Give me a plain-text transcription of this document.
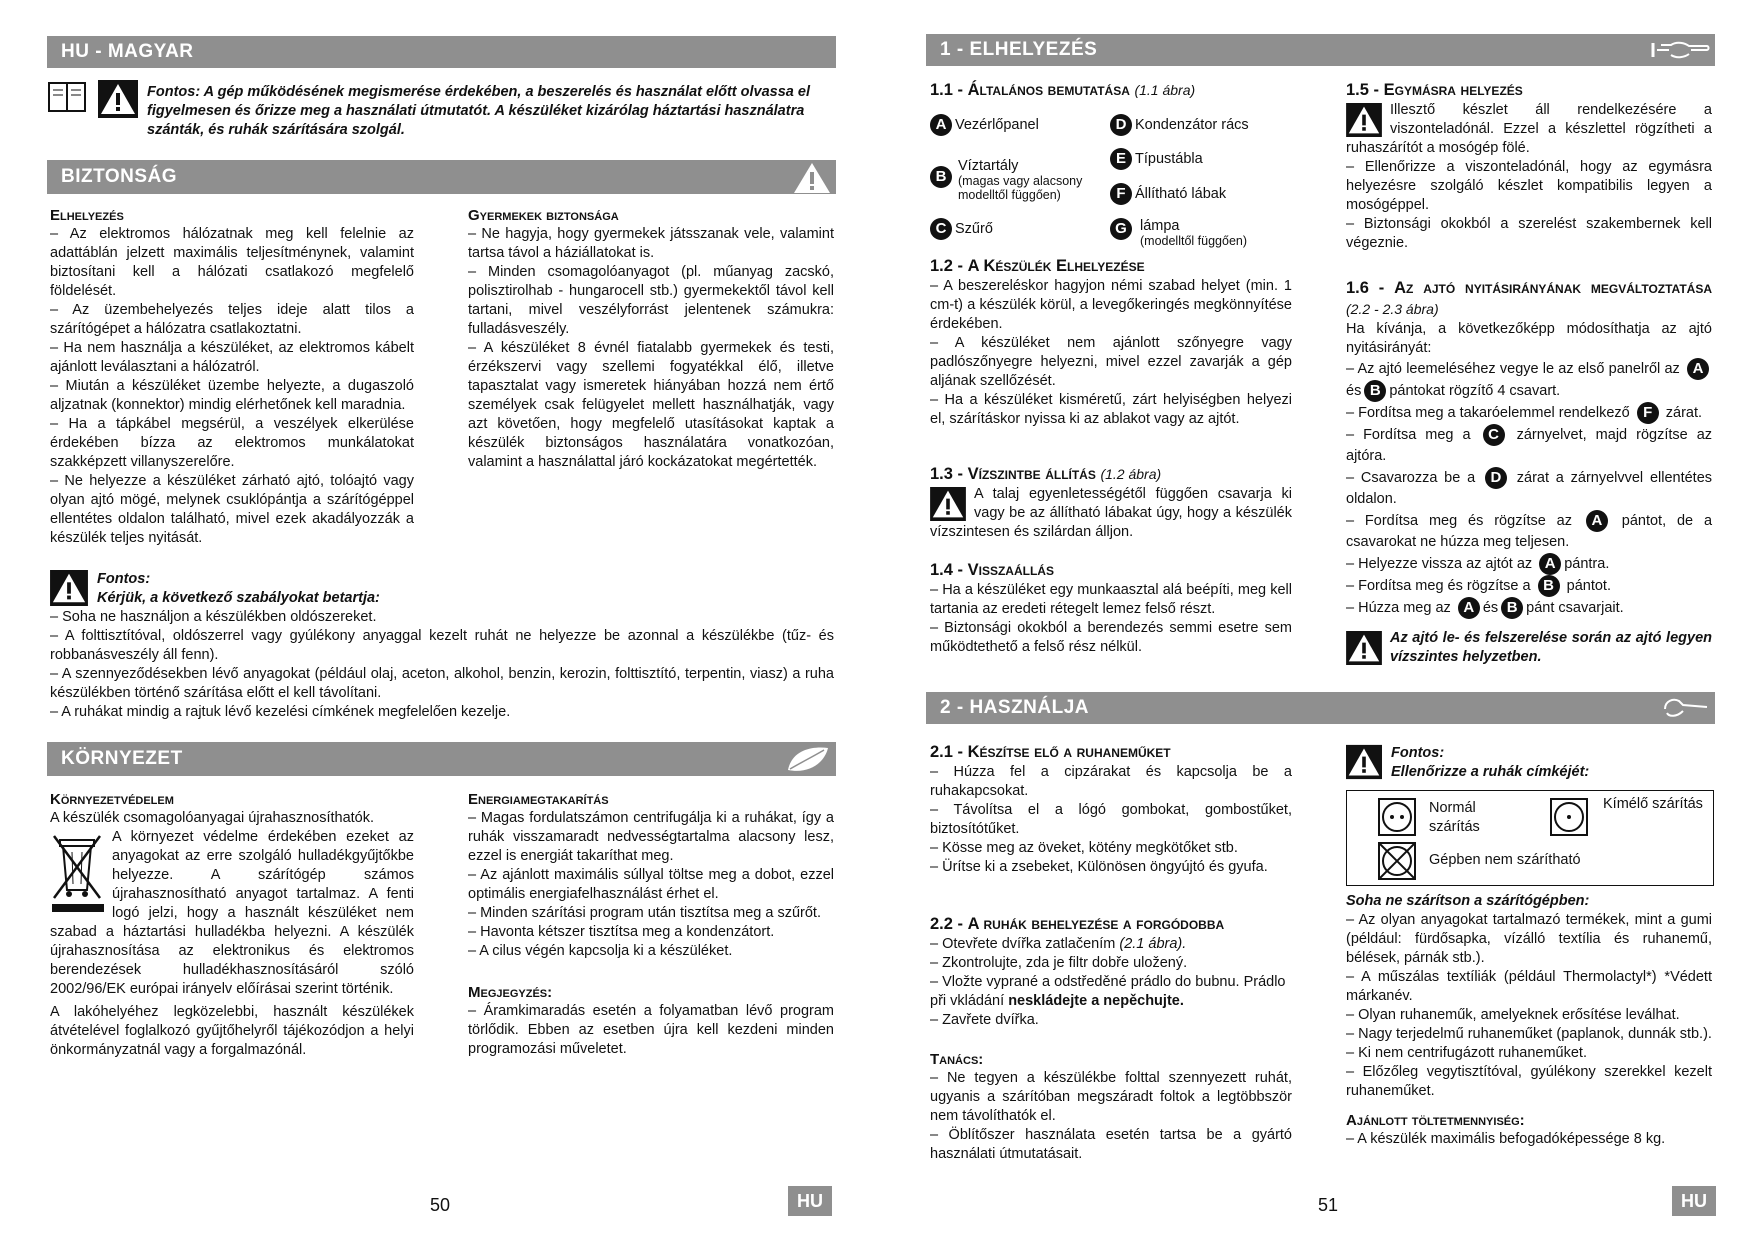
HU - MAGYAR
Fontos: A gép működésének megismerése érdekében, a beszerelés és használat előtt olvassa el figyelmesen és őrizze meg a használati útmutatót. A készüléket kizárólag háztartási használatra szánták, és ruhák szárítására szolgál.
BIZTONSÁG
Elhelyezés

– Az elektromos hálózatnak meg kell felelnie az adattáblán jelzett maximális teljesítménynek, valamint biztosítani kell a hálózati csatlakozó megfelelő földelését.

– Az üzembehelyezés teljes ideje alatt tilos a szárítógépet a hálózatra csatlakoztatni.

– Ha nem használja a készüléket, az elektromos kábelt ajánlott leválasztani a hálózatról.

– Miután a készüléket üzembe helyezte, a dugaszoló aljzatnak (konnektor) mindig elérhetőnek kell maradnia.

– Ha a tápkábel megsérül, a veszélyek elkerülése érdekében bízza az elektromos munkálatokat szakképzett villanyszerelőre.

– Ne helyezze a készüléket zárható ajtó, tolóajtó vagy olyan ajtó mögé, melynek csuklópántja a szárítógéppel ellentétes oldalon található, mivel ezek akadályozzák a készülék teljes nyitását.

Gyermekek biztonsága

– Ne hagyja, hogy gyermekek játsszanak vele, valamint tartsa távol a háziállatokat is.

– Minden csomagolóanyagot (pl. műanyag zacskó, polisztirolhab - hungarocell stb.) gyermekektől távol kell tartani, mivel veszélyforrást jelentenek számukra: fulladásveszély.

– A készüléket 8 évnél fiatalabb gyermekek és testi, érzékszervi vagy szellemi fogyatékkal élő, illetve tapasztalat vagy ismeretek hiányában hozzá nem értő személyek csak felügyelet mellett használhatják, vagy azt követően, hogy megfelelő utasításokat kaptak a készülék biztonságos használatára vonatkozóan, valamint a használattal járó kockázatokat megértették.

Fontos:
Kérjük, a következő szabályokat betartja:

– Soha ne használjon a készülékben oldószereket.

– A folttisztítóval, oldószerrel vagy gyúlékony anyaggal kezelt ruhát ne helyezze be azonnal a készülékbe (tűz- és robbanásveszély áll fenn).

– A szennyeződésekben lévő anyagokat (például olaj, aceton, alkohol, benzin, kerozin, folttisztító, terpentin, viasz) a ruha készülékben történő szárítása előtt el kell távolítani.

– A ruhákat mindig a rajtuk lévő kezelési címkének megfelelően kezelje.

KÖRNYEZET
Környezetvédelem

A készülék csomagolóanyagai újrahasznosíthatók.

A környezet védelme érdekében ezeket az anyagokat az erre szolgáló hulladékgyűjtőkbe helyezze. A szárítógép számos újrahasznosítható anyagot tartalmaz. A fenti logó jelzi, hogy a használt készüléket nem szabad a háztartási hulladékba helyezni. A készülék újrahasznosítása az elektronikus és elektromos berendezések hulladékhasznosításáról szóló 2002/96/EK európai irányelv előírásai szerint történik.

A lakóhelyéhez legközelebbi, használt készülékek átvételével foglalkozó gyűjtőhelyről tájékozódjon a helyi önkormányzatnál vagy a forgalmazónál.

Energiamegtakarítás

– Magas fordulatszámon centrifugálja ki a ruhákat, így a ruhák visszamaradt nedvességtartalma alacsony lesz, ezzel is energiát takaríthat meg.

– Az ajánlott maximális súllyal töltse meg a dobot, ezzel optimális energiafelhasználást érhet el.

– Minden szárítási program után tisztítsa meg a szűrőt.

– Havonta kétszer tisztítsa meg a kondenzátort.

– A cilus végén kapcsolja ki a készüléket.

Megjegyzés:

– Áramkimaradás esetén a folyamatban lévő program törlődik. Ebben az esetben újra kell kezdeni minden programozási műveletet.

50	HU
1 - ELHELYEZÉS
1.1 - Általános bemutatása (1.1 ábra)
A Vezérlőpanel
B
Víztartály
(magas vagy alacsony modelltől függően)
C Szűrő
D Kondenzátor rács
E Típustábla
F Állítható lábak
G lámpa
(modelltől függően)
1.2 - A Készülék Elhelyezése

– A beszereléskor hagyjon némi szabad helyet (min. 1 cm-t) a készülék körül, a levegőkeringés megkönnyítése érdekében.

– A készüléket nem ajánlott szőnyegre vagy padlószőnyegre helyezni, mivel ezzel zavarják a gép aljának szellőzését.

– Ha a készüléket kisméretű, zárt helyiségben helyezi el, szárításkor nyissa ki az ablakot vagy az ajtót.

1.3 - Vízszintbe állítás (1.2 ábra)

A talaj egyenletességétől függően csavarja ki vagy be az állítható lábakat úgy, hogy a készülék vízszintesen és szilárdan álljon.

1.4 - Visszaállás

– Ha a készüléket egy munkaasztal alá beépíti, meg kell tartania az eredeti rétegelt lemez felső részt.

– Biztonsági okokból a berendezés semmi esetre sem működtethető a felső rész nélkül.

1.5 - Egymásra helyezés

Illesztő készlet áll rendelkezésére a viszonteladónál. Ezzel a készlettel rögzítheti a ruhaszárítót a mosógép fölé.

– Ellenőrizze a viszonteladónál, hogy az egymásra helyezésre szolgáló készlet kompatibilis legyen a mosógéppel.

– Biztonsági okokból a szerelést szakembernek kell végeznie.

1.6 - Az ajtó nyitásirányának megváltoztatása (2.2 - 2.3 ábra)

Ha kívánja, a következőképp módosíthatja az ajtó nyitásirányát:

– Az ajtó leemeléséhez vegye le az első panelről az Aés B pántokat rögzítő 4 csavart.

– Fordítsa meg a takaróelemmel rendelkező F zárat.

– Fordítsa meg a C zárnyelvet, majd rögzítse az ajtóra.

– Csavarozza be a D zárat a zárnyelvvel ellentétes oldalon.

– Fordítsa meg és rögzítse az A pántot, de a csavarokat ne húzza meg teljesen.

– Helyezze vissza az ajtót az A pántra.

– Fordítsa meg és rögzítse a B pántot.

– Húzza meg az A és B pánt csavarjait.

Az ajtó le- és felszerelése során az ajtó legyen vízszintes helyzetben.

2 - HASZNÁLJA
2.1 - Készítse elő a ruhaneműket

– Húzza fel a cipzárakat és kapcsolja be a ruhakapcsokat.

– Távolítsa el a lógó gombokat, gombostűket, biztosítótűket.

– Kösse meg az öveket, kötény megkötőket stb.

– Ürítse ki a zsebeket, Különösen öngyújtó és gyufa.

2.2 - A ruhák behelyezése a forgódobba

– Otevřete dvířka zatlačením (2.1 ábra).

– Zkontrolujte, zda je filtr dobře uložený.

– Vložte vyprané a odstředěné prádlo do bubnu. Prádlo při vkládání neskládejte a nepěchujte.

– Zavřete dvířka.

Tanács:

– Ne tegyen a készülékbe folttal szennyezett ruhát, ugyanis a szárítóban megszáradt foltok a legtöbbször nem távolíthatók el.

– Öblítőszer használata esetén tartsa be a gyártó használati útmutatásait.

Fontos:
Ellenőrizze a ruhák címkéjét:
Normál szárítás
Kímélő szárítás
Gépben nem szárítható
Soha ne szárítson a szárítógépben:

– Az olyan anyagokat tartalmazó termékek, mint a gumi (például: fürdősapka, vízálló textília és ruhanemű, bélések, párnák stb.).

– A műszálas textíliák (például Thermolactyl*) *Védett márkanév.

– Olyan ruhaneműk, amelyeknek erősítése leválhat.

– Nagy terjedelmű ruhaneműket (paplanok, dunnák stb.).

– Ki nem centrifugázott ruhaneműket.

– Előzőleg vegytisztítóval, gyúlékony szerekkel kezelt ruhaneműket.

Ajánlott töltetmennyiség:

– A készülék maximális befogadóképessége 8 kg.

51	HU
